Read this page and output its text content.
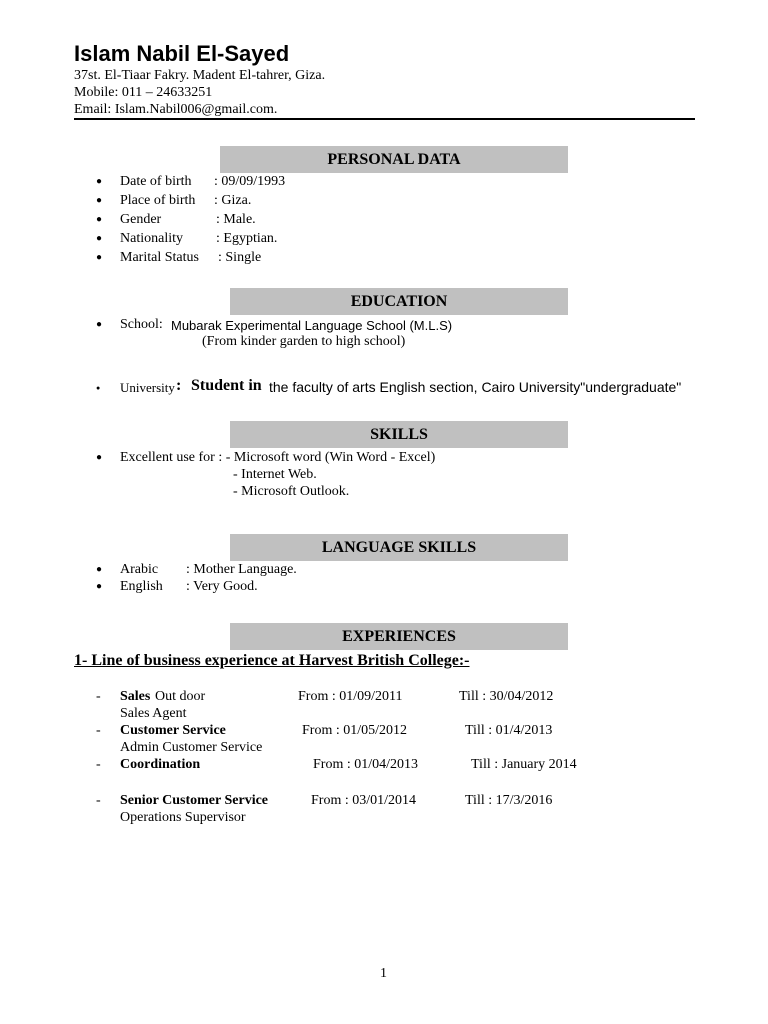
Islam Nabil El-Sayed
37st. El-Tiaar Fakry. Madent El-tahrer, Giza.
Mobile: 011 – 24633251
Email: Islam.Nabil006@gmail.com.
PERSONAL DATA
● Date of birth : 09/09/1993
● Place of birth : Giza.
● Gender	: Male.
● Nationality : Egyptian.
● Marital Status : Single
EDUCATION
● School: Mubarak Experimental Language School (M.L.S)
(From kinder garden to high school)
● University : Student in the faculty of arts English section, Cairo University"undergraduate"
SKILLS
● Excellent use for : - Microsoft word (Win Word - Excel)
- Internet Web.
- Microsoft Outlook.
LANGUAGE SKILLS
● Arabic : Mother Language.
● English : Very Good.
EXPERIENCES
1- Line of business experience at Harvest British College:-
- Sales Out door	From : 01/09/2011	Till : 30/04/2012
Sales Agent
- Customer Service	From : 01/05/2012	Till : 01/4/2013
Admin Customer Service
- Coordination	From : 01/04/2013	Till : January 2014
- Senior Customer Service	From : 03/01/2014	Till : 17/3/2016
Operations Supervisor
1
